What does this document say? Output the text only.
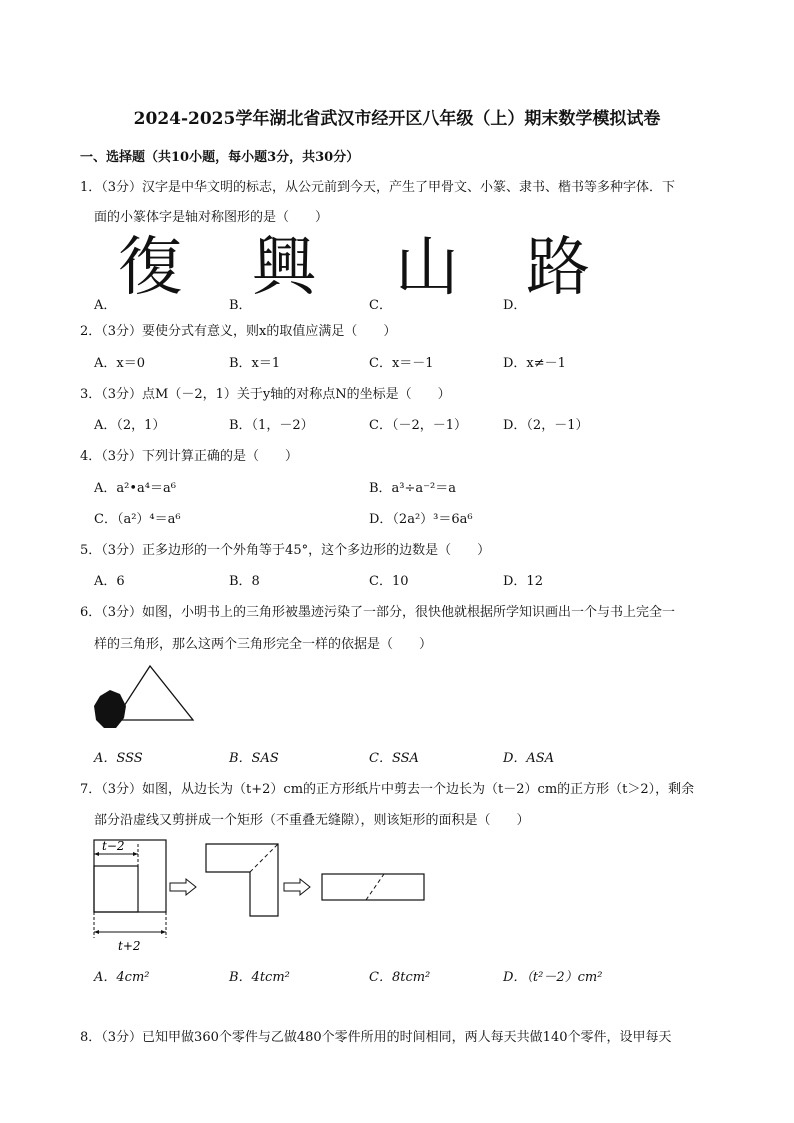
2024-2025学年湖北省武汉市经开区八年级（上）期末数学模拟试卷
一、选择题（共10小题，每小题3分，共30分）
1．（3分）汉字是中华文明的标志，从公元前到今天，产生了甲骨文、小篆、隶书、楷书等多种字体．下
面的小篆体字是轴对称图形的是（　　）
復 興 山 路
A．	B．	C．	D．
2．（3分）要使分式有意义，则x的取值应满足（　　）
A．x＝0	B．x＝1	C．x＝－1	D．x≠－1
3．（3分）点M（－2，1）关于y轴的对称点N的坐标是（　　）
A．（2，1）	B．（1，－2）	C．（－2，－1）	D．（2，－1）
4．（3分）下列计算正确的是（　　）
A．a²•a⁴＝a⁶	B．a³÷a⁻²＝a
C．（a²）⁴＝a⁶	D．（2a²）³＝6a⁶
5．（3分）正多边形的一个外角等于45°，这个多边形的边数是（　　）
A．6	B．8	C．10	D．12
6．（3分）如图，小明书上的三角形被墨迹污染了一部分，很快他就根据所学知识画出一个与书上完全一
样的三角形，那么这两个三角形完全一样的依据是（　　）
A．SSS	B．SAS	C．SSA	D．ASA
7．（3分）如图，从边长为（t+2）cm的正方形纸片中剪去一个边长为（t－2）cm的正方形（t＞2），剩余
部分沿虚线又剪拼成一个矩形（不重叠无缝隙），则该矩形的面积是（　　）
t−2
t+2
A．4cm²	B．4tcm²	C．8tcm²	D．（t²－2）cm²
8．（3分）已知甲做360个零件与乙做480个零件所用的时间相同，两人每天共做140个零件，设甲每天
